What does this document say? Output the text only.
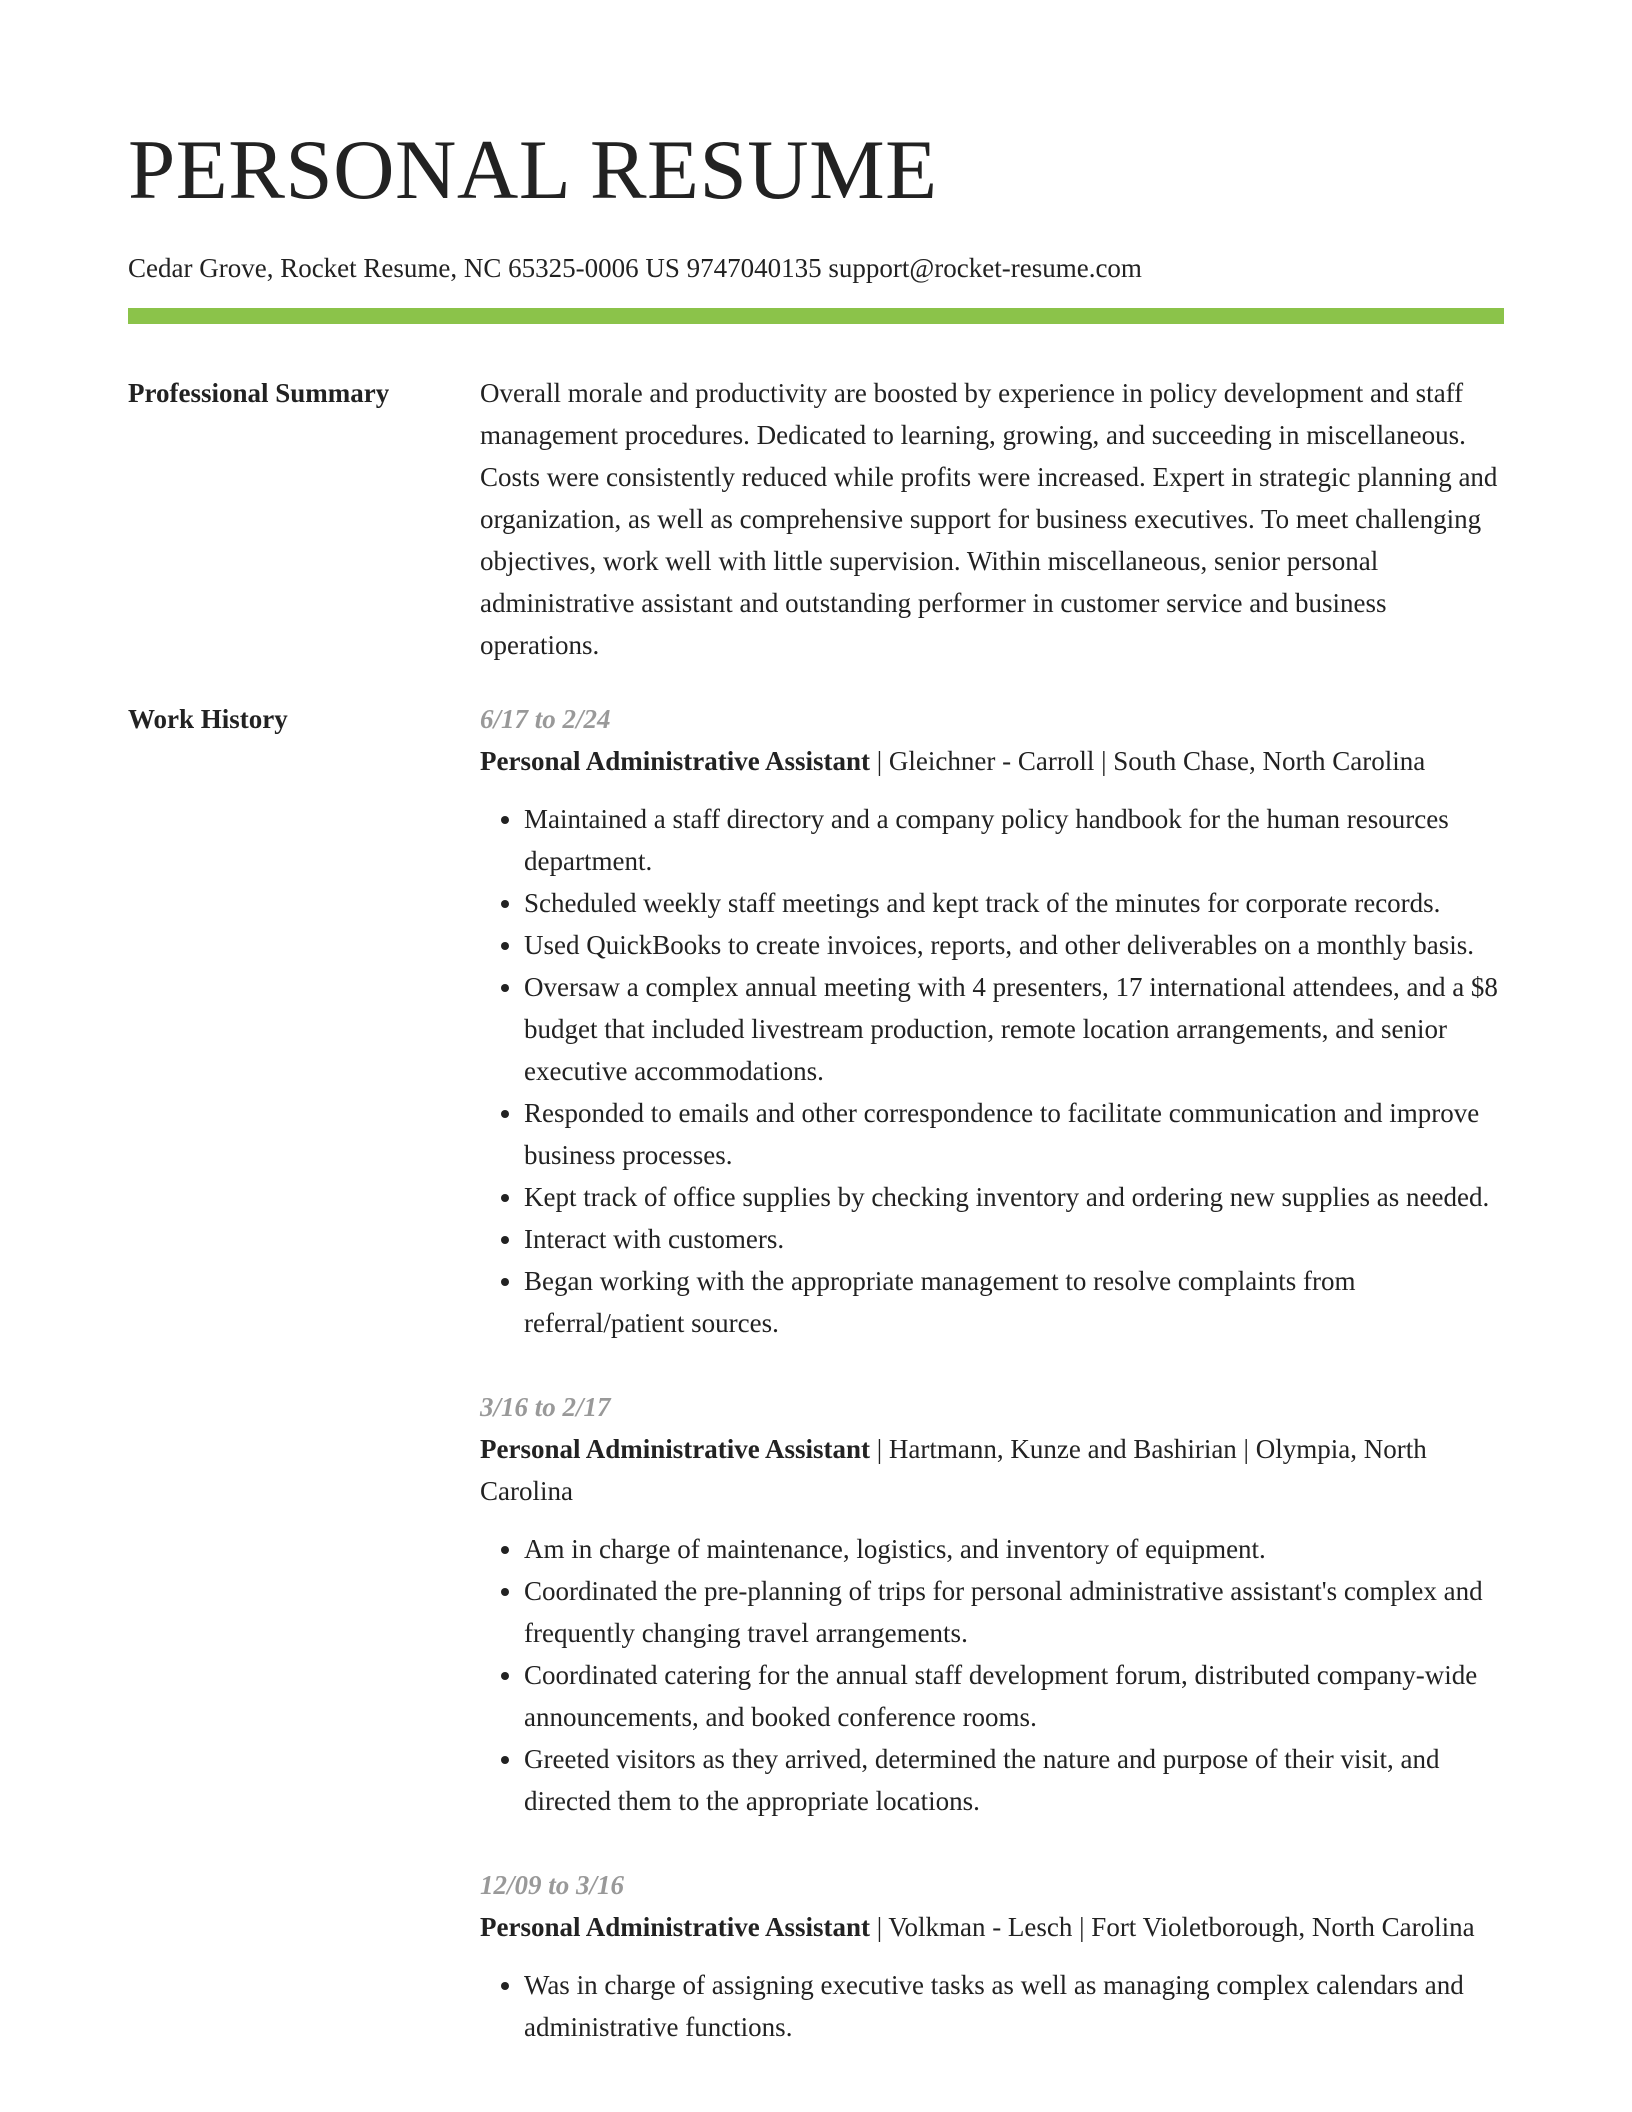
PERSONAL RESUME
Cedar Grove, Rocket Resume, NC 65325-0006 US 9747040135 support@rocket-resume.com
Professional Summary	Overall morale and productivity are boosted by experience in policy development and staff management procedures. Dedicated to learning, growing, and succeeding in miscellaneous. Costs were consistently reduced while profits were increased. Expert in strategic planning and organization, as well as comprehensive support for business executives. To meet challenging objectives, work well with little supervision. Within miscellaneous, senior personal administrative assistant and outstanding performer in customer service and business operations.

Work History	6/17 to 2/24
Personal Administrative Assistant | Gleichner - Carroll | South Chase, North Carolina
• Maintained a staff directory and a company policy handbook for the human resources department.
• Scheduled weekly staff meetings and kept track of the minutes for corporate records.
• Used QuickBooks to create invoices, reports, and other deliverables on a monthly basis.
• Oversaw a complex annual meeting with 4 presenters, 17 international attendees, and a $8 budget that included livestream production, remote location arrangements, and senior executive accommodations.
• Responded to emails and other correspondence to facilitate communication and improve business processes.
• Kept track of office supplies by checking inventory and ordering new supplies as needed.
• Interact with customers.
• Began working with the appropriate management to resolve complaints from referral/patient sources.
3/16 to 2/17
Personal Administrative Assistant | Hartmann, Kunze and Bashirian | Olympia, North Carolina
• Am in charge of maintenance, logistics, and inventory of equipment.
• Coordinated the pre-planning of trips for personal administrative assistant's complex and frequently changing travel arrangements.
• Coordinated catering for the annual staff development forum, distributed company-wide announcements, and booked conference rooms.
• Greeted visitors as they arrived, determined the nature and purpose of their visit, and directed them to the appropriate locations.
12/09 to 3/16
Personal Administrative Assistant | Volkman - Lesch | Fort Violetborough, North Carolina
• Was in charge of assigning executive tasks as well as managing complex calendars and administrative functions.
